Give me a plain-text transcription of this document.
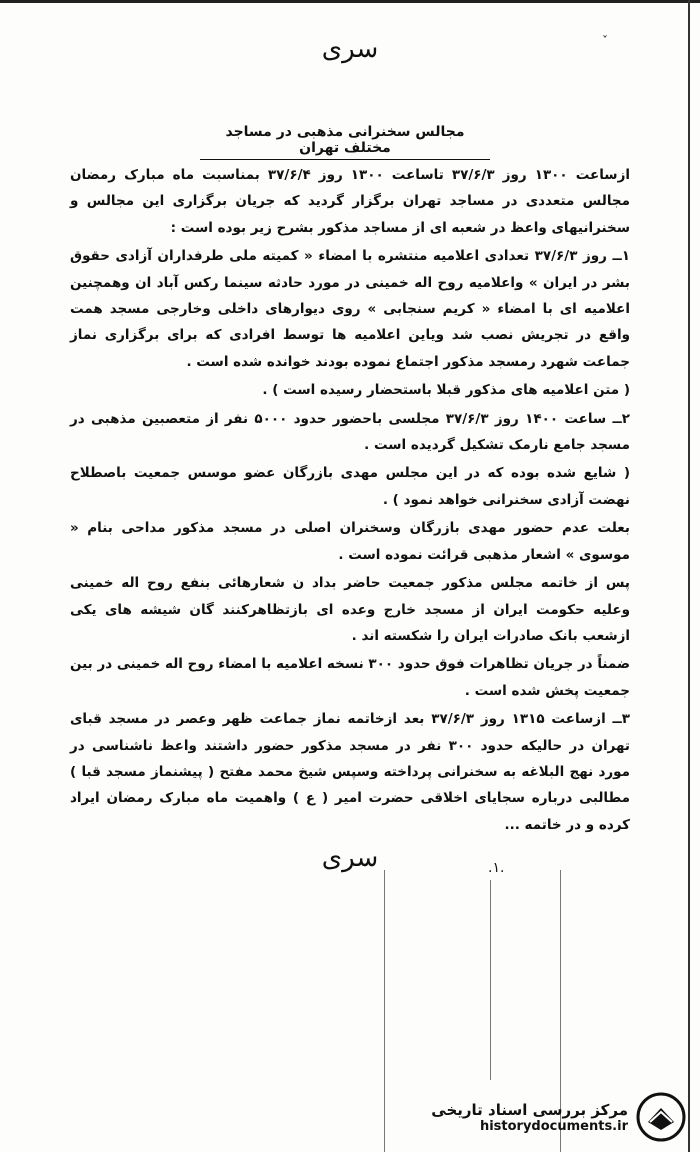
ˇ
سری
مجالس سخنرانی مذهبی در مساجد مختلف تهران

ازساعت ۱۳۰۰ روز ۳۷/۶/۳ تاساعت ۱۳۰۰ روز ۳۷/۶/۴ بمناسبت ماه مبارک رمضان مجالس متعددی در مساجد تهران برگزار گردید که جریان برگزاری این مجالس و سخنرانیهای واعظ در شعبه ای از مساجد مذکور بشرح زیر بوده است :

۱ــ روز ۳۷/۶/۳ تعدادی اعلامیه منتشره با امضاء « کمیته ملی طرفداران آزادی حقوق بشر در ایران » واعلامیه روح اله خمینی در مورد حادثه سینما رکس آباد ان وهمچنین اعلامیه ای با امضاء « کریم سنجابی » روی دیوارهای داخلی وخارجی مسجد همت واقع در تجریش نصب شد ویاین اعلامیه ها توسط افرادی که برای برگزاری نماز جماعت شهرد رمسجد مذکور اجتماع نموده بودند خوانده شده است .

( متن اعلامیه های مذکور قبلا باستحضار رسیده است ) .

۲ــ ساعت ۱۴۰۰ روز ۳۷/۶/۳ مجلسی باحضور حدود ۵۰۰۰ نفر از متعصبین مذهبی در مسجد جامع نارمک تشکیل گردیده است .

( شایع شده بوده که در این مجلس مهدی بازرگان عضو موسس جمعیت باصطلاح نهضت آزادی سخنرانی خواهد نمود ) .

بعلت عدم حضور مهدی بازرگان وسخنران اصلی در مسجد مذکور مداحی بنام « موسوی » اشعار مذهبی قرائت نموده است .

پس از خاتمه مجلس مذکور جمعیت حاضر بداد ن شعارهائی بنفع روح اله خمینی وعلیه حکومت ایران از مسجد خارج وعده ای بازتظاهرکنند گان شیشه های یکی ازشعب بانک صادرات ایران را شکسته اند .

ضمناً در جریان تظاهرات فوق حدود ۳۰۰ نسخه اعلامیه با امضاء روح اله خمینی در بین جمعیت پخش شده است .

۳ــ ازساعت ۱۳۱۵ روز ۳۷/۶/۳ بعد ازخاتمه نماز جماعت ظهر وعصر در مسجد قبای تهران در حالیکه حدود ۳۰۰ نفر در مسجد مذکور حضور داشتند واعظ ناشناسی در مورد نهج البلاغه به سخنرانی پرداخته وسپس شیخ محمد مفتح ( پیشنماز مسجد قبا ) مطالبی درباره سجایای اخلاقی حضرت امیر ( ع ) واهمیت ماه مبارک رمضان ایراد کرده و در خاتمه ...

سری	.۱.
مرکز بررسی اسناد تاریخی
historydocuments.ir
